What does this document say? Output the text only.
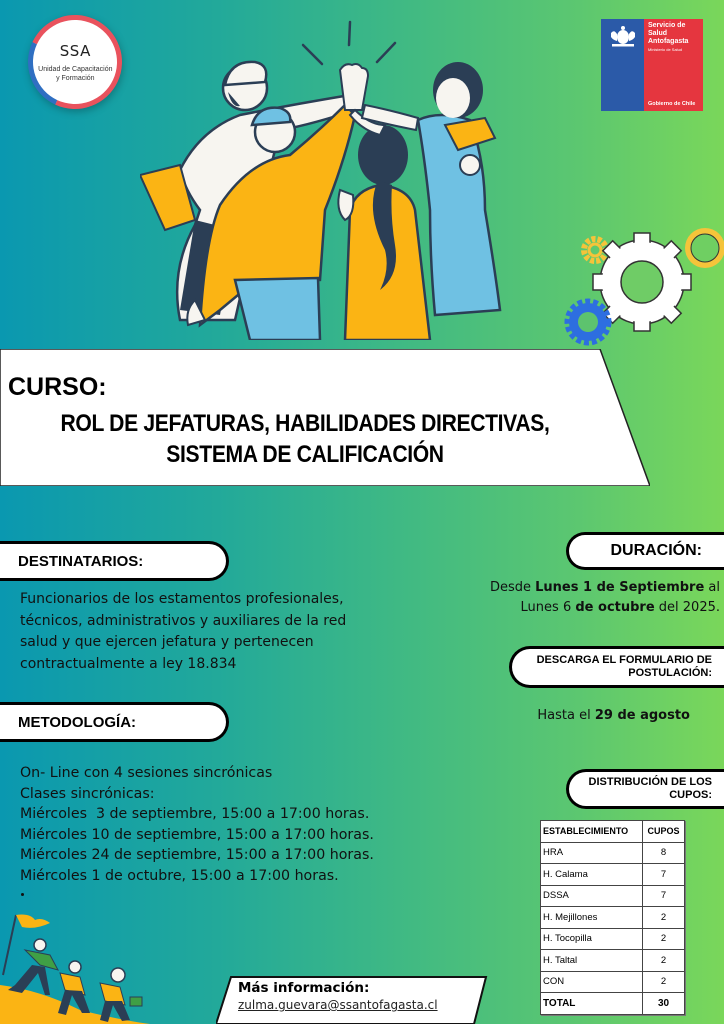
SSA
Unidad de Capacitación
y Formación
Servicio de
Salud
Antofagasta
Ministerio de Salud
Gobierno de Chile
CURSO:
ROL DE JEFATURAS, HABILIDADES DIRECTIVAS,
SISTEMA DE CALIFICACIÓN
DESTINATARIOS:
Funcionarios de los estamentos profesionales, técnicos, administrativos y auxiliares de la red salud y que ejercen jefatura y pertenecen contractualmente a ley 18.834
METODOLOGÍA:
On- Line con 4 sesiones sincrónicas
Clases sincrónicas:
Miércoles  3 de septiembre, 15:00 a 17:00 horas.
Miércoles 10 de septiembre, 15:00 a 17:00 horas.
Miércoles 24 de septiembre, 15:00 a 17:00 horas.
Miércoles 1 de octubre, 15:00 a 17:00 horas.
DURACIÓN:
Desde Lunes 1 de Septiembre al
Lunes 6 de octubre del 2025.
DESCARGA EL FORMULARIO DE
POSTULACIÓN:
Hasta el 29 de agosto
DISTRIBUCIÓN DE LOS
CUPOS:
ESTABLECIMIENTO	CUPOS
HRA	8
H. Calama	7
DSSA	7
H. Mejillones	2
H. Tocopilla	2
H. Taltal	2
CON	2
TOTAL	30
Más información:
zulma.guevara@ssantofagasta.cl
